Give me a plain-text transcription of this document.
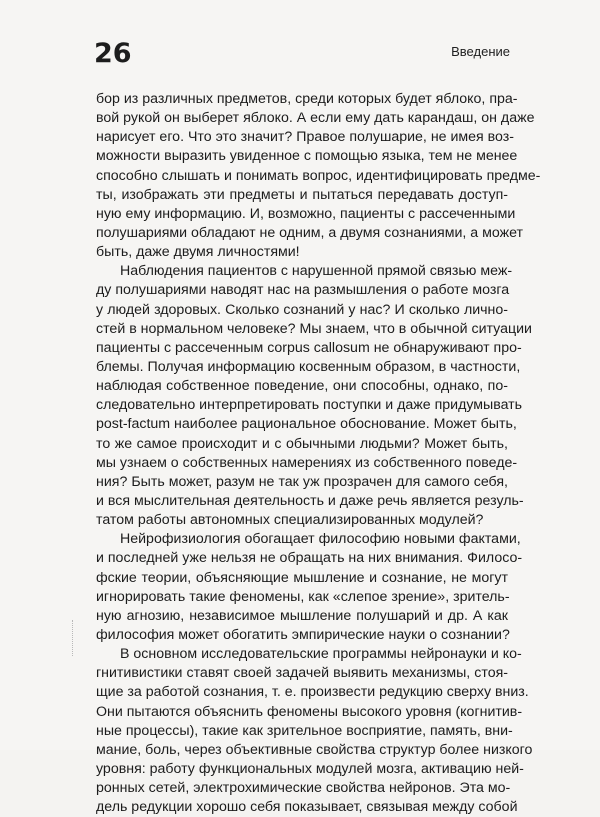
26	Введение
бор из различных предметов, среди которых будет яблоко, пра-
вой рукой он выберет яблоко. А если ему дать карандаш, он даже
нарисует его. Что это значит? Правое полушарие, не имея воз-
можности выразить увиденное с помощью языка, тем не менее
способно слышать и понимать вопрос, идентифицировать предме-
ты, изображать эти предметы и пытаться передавать доступ-
ную ему информацию. И, возможно, пациенты с рассеченными
полушариями обладают не одним, а двумя сознаниями, а может
быть, даже двумя личностями!
Наблюдения пациентов с нарушенной прямой связью меж-
ду полушариями наводят нас на размышления о работе мозга
у людей здоровых. Сколько сознаний у нас? И сколько лично-
стей в нормальном человеке? Мы знаем, что в обычной ситуации
пациенты с рассеченным corpus callosum не обнаруживают про-
блемы. Получая информацию косвенным образом, в частности,
наблюдая собственное поведение, они способны, однако, по-
следовательно интерпретировать поступки и даже придумывать
post-factum наиболее рациональное обоснование. Может быть,
то же самое происходит и с обычными людьми? Может быть,
мы узнаем о собственных намерениях из собственного поведе-
ния? Быть может, разум не так уж прозрачен для самого себя,
и вся мыслительная деятельность и даже речь является резуль-
татом работы автономных специализированных модулей?
Нейрофизиология обогащает философию новыми фактами,
и последней уже нельзя не обращать на них внимания. Филосо-
фские теории, объясняющие мышление и сознание, не могут
игнорировать такие феномены, как «слепое зрение», зритель-
ную агнозию, независимое мышление полушарий и др. А как
философия может обогатить эмпирические науки о сознании?
В основном исследовательские программы нейронауки и ко-
гнитивистики ставят своей задачей выявить механизмы, стоя-
щие за работой сознания, т. е. произвести редукцию сверху вниз.
Они пытаются объяснить феномены высокого уровня (когнитив-
ные процессы), такие как зрительное восприятие, память, вни-
мание, боль, через объективные свойства структур более низкого
уровня: работу функциональных модулей мозга, активацию ней-
ронных сетей, электрохимические свойства нейронов. Эта мо-
дель редукции хорошо себя показывает, связывая между собой
